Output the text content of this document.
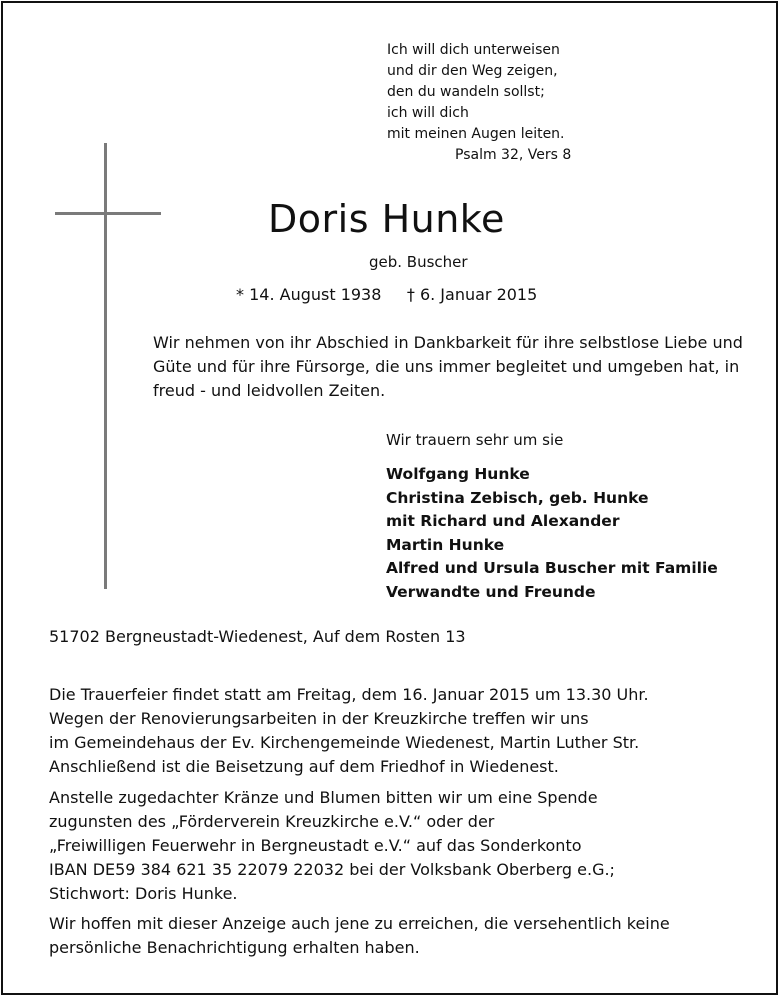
Ich will dich unterweisen
und dir den Weg zeigen,
den du wandeln sollst;
ich will dich
mit meinen Augen leiten.
Psalm 32, Vers 8
Doris Hunke
geb. Buscher
* 14. August 1938 † 6. Januar 2015
Wir nehmen von ihr Abschied in Dankbarkeit für ihre selbstlose Liebe und Güte und für ihre Fürsorge, die uns immer begleitet und umgeben hat, in freud - und leidvollen Zeiten.
Wir trauern sehr um sie
Wolfgang Hunke
Christina Zebisch, geb. Hunke
mit Richard und Alexander
Martin Hunke
Alfred und Ursula Buscher mit Familie
Verwandte und Freunde
51702 Bergneustadt-Wiedenest, Auf dem Rosten 13
Die Trauerfeier findet statt am Freitag, dem 16. Januar 2015 um 13.30 Uhr.
Wegen der Renovierungsarbeiten in der Kreuzkirche treffen wir uns
im Gemeindehaus der Ev. Kirchengemeinde Wiedenest, Martin Luther Str.
Anschließend ist die Beisetzung auf dem Friedhof in Wiedenest.
Anstelle zugedachter Kränze und Blumen bitten wir um eine Spende
zugunsten des „Förderverein Kreuzkirche e.V.“ oder der
„Freiwilligen Feuerwehr in Bergneustadt e.V.“ auf das Sonderkonto
IBAN DE59 384 621 35 22079 22032 bei der Volksbank Oberberg e.G.;
Stichwort: Doris Hunke.
Wir hoffen mit dieser Anzeige auch jene zu erreichen, die versehentlich keine
persönliche Benachrichtigung erhalten haben.
